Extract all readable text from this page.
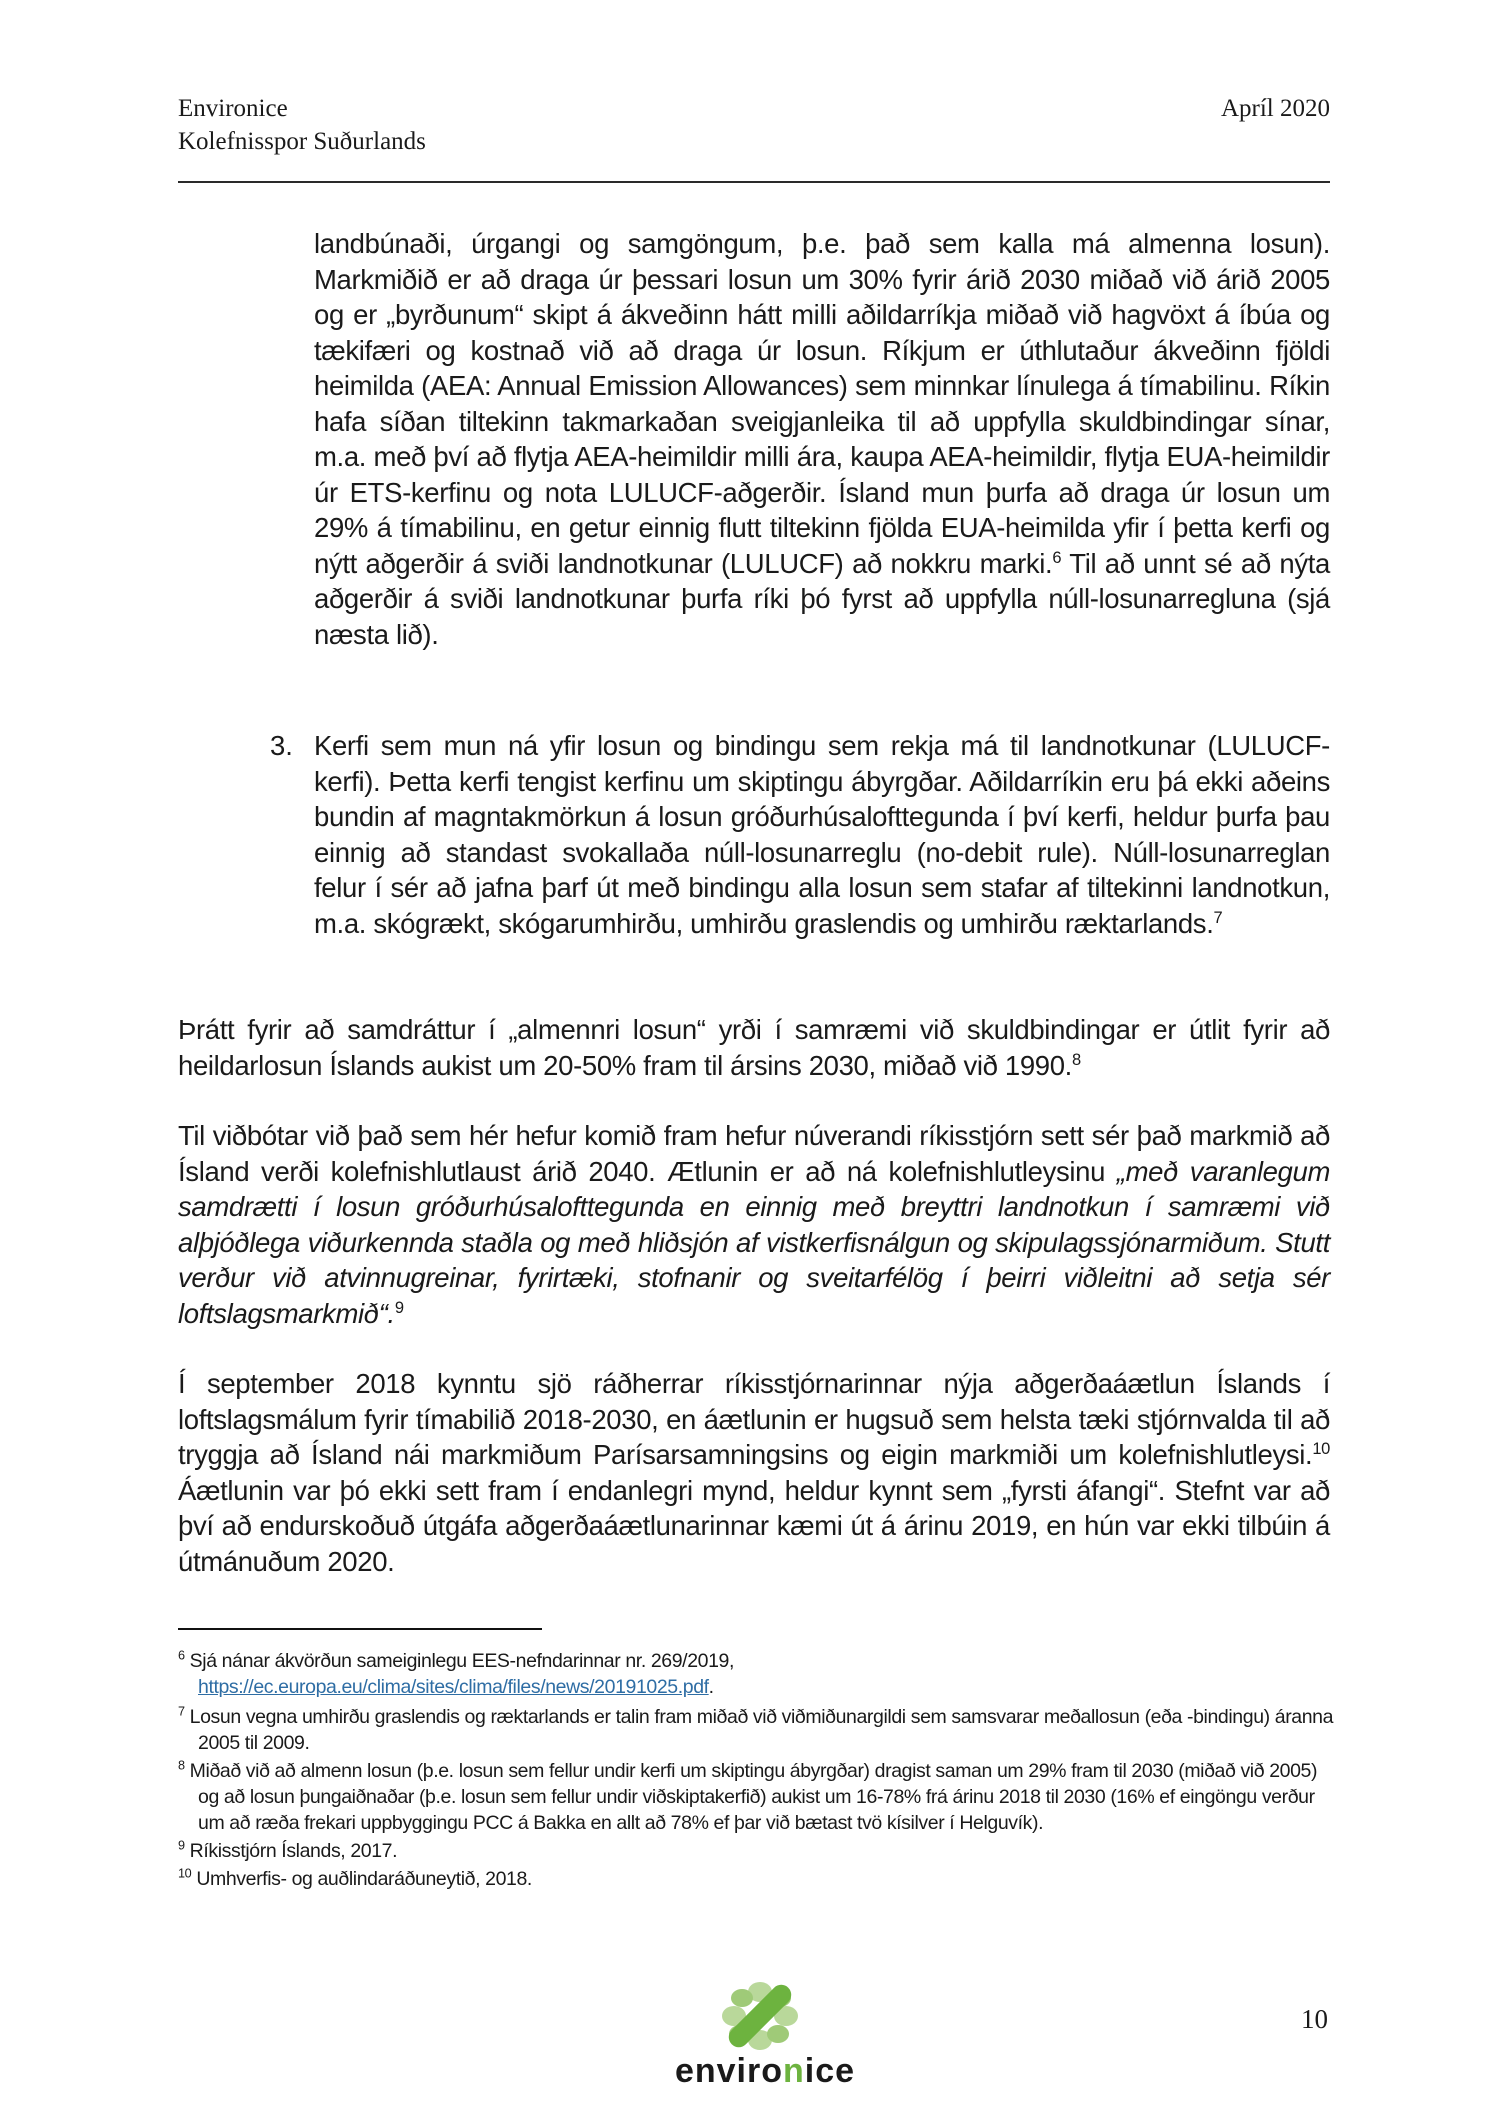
Environice
Kolefnisspor Suðurlands
Apríl 2020
landbúnaði, úrgangi og samgöngum, þ.e. það sem kalla má almenna losun). Markmiðið er að draga úr þessari losun um 30% fyrir árið 2030 miðað við árið 2005 og er „byrðunum“ skipt á ákveðinn hátt milli aðildarríkja miðað við hagvöxt á íbúa og tækifæri og kostnað við að draga úr losun. Ríkjum er úthlutaður ákveðinn fjöldi heimilda (AEA: Annual Emission Allowances) sem minnkar línulega á tímabilinu. Ríkin hafa síðan tiltekinn takmarkaðan sveigjanleika til að uppfylla skuldbindingar sínar, m.a. með því að flytja AEA-heimildir milli ára, kaupa AEA-heimildir, flytja EUA-heimildir úr ETS-kerfinu og nota LULUCF-aðgerðir. Ísland mun þurfa að draga úr losun um 29% á tímabilinu, en getur einnig flutt tiltekinn fjölda EUA-heimilda yfir í þetta kerfi og nýtt aðgerðir á sviði landnotkunar (LULUCF) að nokkru marki.$^6$ Til að unnt sé að nýta aðgerðir á sviði landnotkunar þurfa ríki þó fyrst að uppfylla núll-losunarregluna (sjá næsta lið).
3. Kerfi sem mun ná yfir losun og bindingu sem rekja má til landnotkunar (LULUCF-kerfi). Þetta kerfi tengist kerfinu um skiptingu ábyrgðar. Aðildarríkin eru þá ekki aðeins bundin af magntakmörkun á losun gróðurhúsalofttegunda í því kerfi, heldur þurfa þau einnig að standast svokallaða núll-losunarreglu (no-debit rule). Núll-losunarreglan felur í sér að jafna þarf út með bindingu alla losun sem stafar af tiltekinni landnotkun, m.a. skógrækt, skógarumhirðu, umhirðu graslendis og umhirðu ræktarlands.$^7$
Þrátt fyrir að samdráttur í „almennri losun“ yrði í samræmi við skuldbindingar er útlit fyrir að heildarlosun Íslands aukist um 20-50% fram til ársins 2030, miðað við 1990.$^8$
Til viðbótar við það sem hér hefur komið fram hefur núverandi ríkisstjórn sett sér það markmið að Ísland verði kolefnishlutlaust árið 2040. Ætlunin er að ná kolefnishlutleysinu „með varanlegum samdrætti í losun gróðurhúsalofttegunda en einnig með breyttri landnotkun í samræmi við alþjóðlega viðurkennda staðla og með hliðsjón af vistkerfisnálgun og skipulagssjónarmiðum. Stutt verður við atvinnugreinar, fyrirtæki, stofnanir og sveitarfélög í þeirri viðleitni að setja sér loftslagsmarkmið“.$^9$
Í september 2018 kynntu sjö ráðherrar ríkisstjórnarinnar nýja aðgerðaáætlun Íslands í loftslagsmálum fyrir tímabilið 2018-2030, en áætlunin er hugsuð sem helsta tæki stjórnvalda til að tryggja að Ísland nái markmiðum Parísarsamningsins og eigin markmiði um kolefnishlutleysi.$^{10}$ Áætlunin var þó ekki sett fram í endanlegri mynd, heldur kynnt sem „fyrsti áfangi“. Stefnt var að því að endurskoðuð útgáfa aðgerðaáætlunarinnar kæmi út á árinu 2019, en hún var ekki tilbúin á útmánuðum 2020.
$^6$ Sjá nánar ákvörðun sameiginlegu EES-nefndarinnar nr. 269/2019,
https://ec.europa.eu/clima/sites/clima/files/news/20191025.pdf.
$^7$ Losun vegna umhirðu graslendis og ræktarlands er talin fram miðað við viðmiðunargildi sem samsvarar meðallosun (eða -bindingu) áranna 2005 til 2009.
$^8$ Miðað við að almenn losun (þ.e. losun sem fellur undir kerfi um skiptingu ábyrgðar) dragist saman um 29% fram til 2030 (miðað við 2005) og að losun þungaiðnaðar (þ.e. losun sem fellur undir viðskiptakerfið) aukist um 16-78% frá árinu 2018 til 2030 (16% ef eingöngu verður um að ræða frekari uppbyggingu PCC á Bakka en allt að 78% ef þar við bætast tvö kísilver í Helguvík).
$^9$ Ríkisstjórn Íslands, 2017.
$^{10}$ Umhverfis- og auðlindaráðuneytið, 2018.
environice
10
